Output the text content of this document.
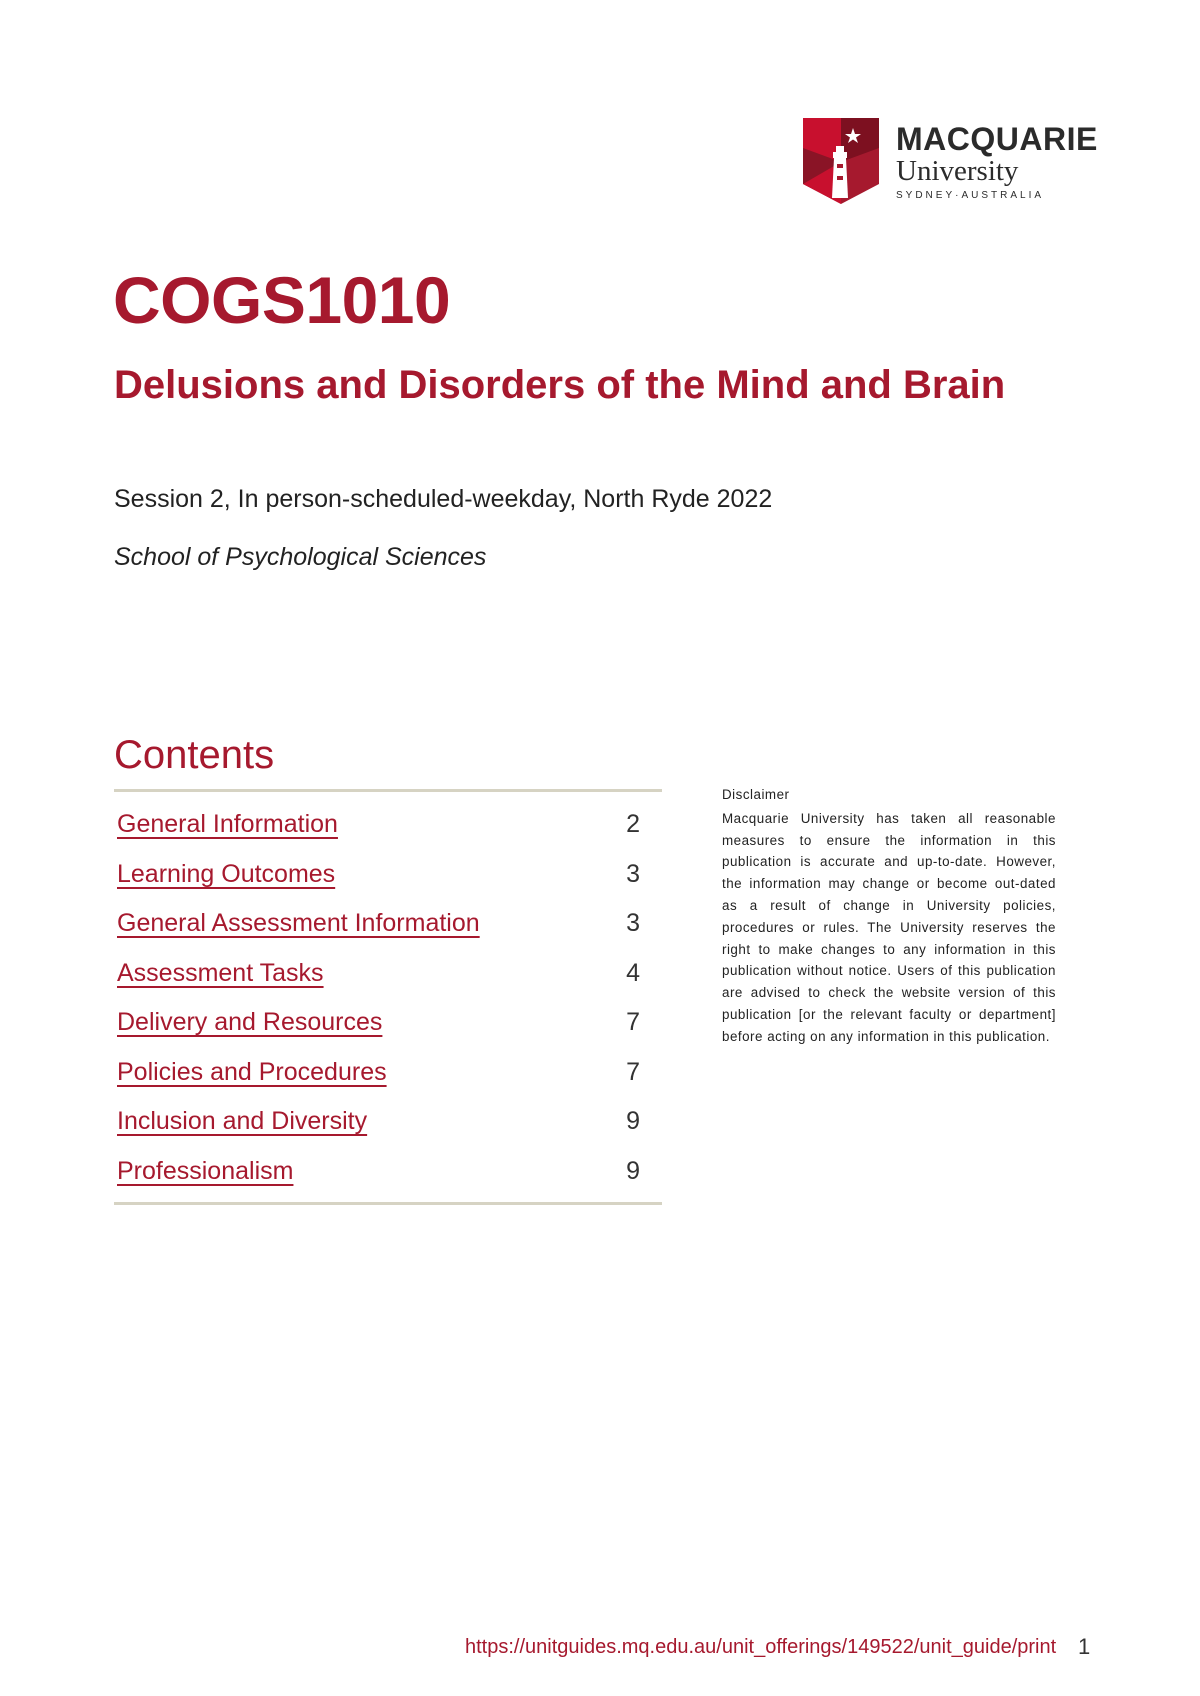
MACQUARIE
University
SYDNEY·AUSTRALIA
COGS1010
Delusions and Disorders of the Mind and Brain
Session 2, In person-scheduled-weekday, North Ryde 2022
School of Psychological Sciences
Contents
General Information	2
Learning Outcomes	3
General Assessment Information	3
Assessment Tasks	4
Delivery and Resources	7
Policies and Procedures	7
Inclusion and Diversity	9
Professionalism	9
Disclaimer
Macquarie University has taken all reasonable measures to ensure the information in this publication is accurate and up-to-date. However, the information may change or become out-dated as a result of change in University policies, procedures or rules. The University reserves the right to make changes to any information in this publication without notice. Users of this publication are advised to check the website version of this publication [or the relevant faculty or department] before acting on any information in this publication.
https://unitguides.mq.edu.au/unit_offerings/149522/unit_guide/print 1
